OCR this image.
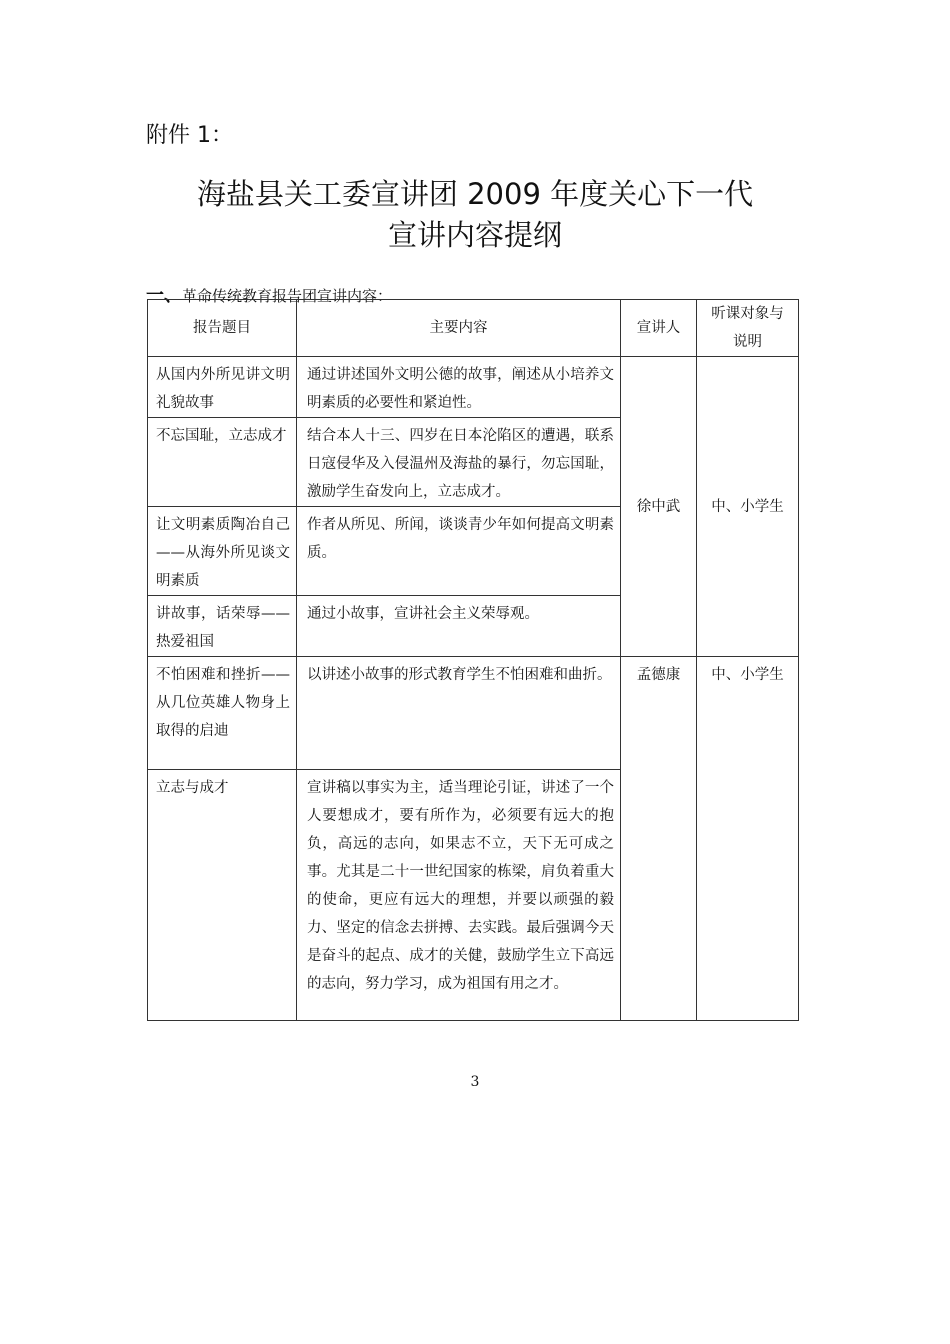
附件 1：
海盐县关工委宣讲团 2009 年度关心下一代
宣讲内容提纲
一、革命传统教育报告团宣讲内容：
报告题目	主要内容	宣讲人	听课对象与说明
从国内外所见讲文明礼貌故事	通过讲述国外文明公德的故事，阐述从小培养文明素质的必要性和紧迫性。	徐中武	中、小学生
不忘国耻，立志成才	结合本人十三、四岁在日本沦陷区的遭遇，联系日寇侵华及入侵温州及海盐的暴行，勿忘国耻，激励学生奋发向上，立志成才。		
让文明素质陶冶自己——从海外所见谈文明素质	作者从所见、所闻，谈谈青少年如何提高文明素质。		
讲故事，话荣辱——热爱祖国	通过小故事，宣讲社会主义荣辱观。		
不怕困难和挫折——从几位英雄人物身上取得的启迪	以讲述小故事的形式教育学生不怕困难和曲折。	孟德康	中、小学生
立志与成才	宣讲稿以事实为主，适当理论引证，讲述了一个人要想成才，要有所作为，必须要有远大的抱负，高远的志向，如果志不立，天下无可成之事。尤其是二十一世纪国家的栋梁，肩负着重大的使命，更应有远大的理想，并要以顽强的毅力、坚定的信念去拼搏、去实践。最后强调今天是奋斗的起点、成才的关健，鼓励学生立下高远的志向，努力学习，成为祖国有用之才。		
3
